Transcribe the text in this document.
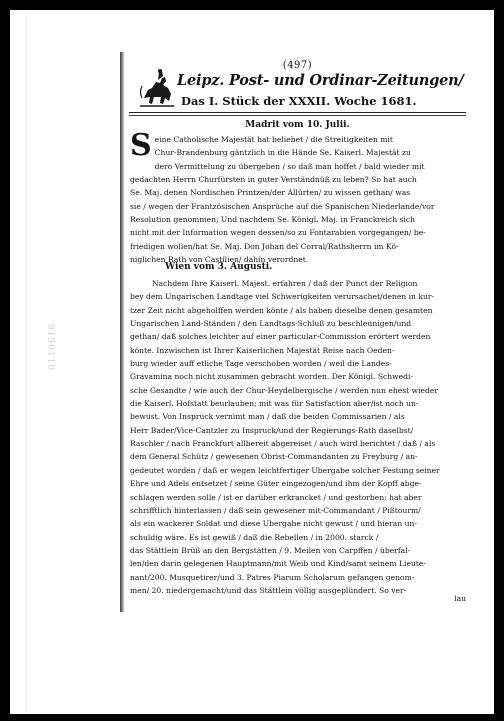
0119616
(497)
Leipz. Post- und Ordinar-Zeitungen/
Das I. Stück der XXXII. Woche 1681.
Madrit vom 10. Julii.
S eine Catholische Majestät hat beliebet / die Streitigkeiten mit
Chur-Brandenburg gäntzlich in die Hände Se. Kaiserl. Majestät zu
dero Vermittelung zu übergeben / so daß man hoffet / bald wieder mit
gedachten Herrn Churfürsten in guter Verständnüß zu leben? So hat auch
Se. Maj. denen Nordischen Printzen/der Allürten/ zu wissen gethan/ was
sie / wegen der Frantzösischen Ansprüche auf die Spanischen Niederlande/vor
Resolution genommen; Und nachdem Se. Königl. Maj. in Franckreich sich
nicht mit der Information wegen dessen/so zu Fontarabien vorgegangen/ be-
friedigen wollen/hat Se. Maj. Don Johan del Corral/Rathsherrn im Kö-
niglichen Rath von Castilien/ dahin verordnet.
Wien vom 3. Augusti.
Nachdem Ihre Kaiserl. Majest. erfahren / daß der Punct der Religion
bey dem Ungarischen Landtage viel Schwerigkeiten verursachet/denen in kur-
tzer Zeit nicht abgeholffen werden könte / als haben dieselbe denen gesamten
Ungarischen Land-Ständen / den Landtags-Schluß zu beschleunigen/und
gethan/ daß solches leichter auf einer particular-Commission erörtert werden
könte. Inzwischen ist Ihrer Kaiserlichen Majestät Reise nach Oeden-
burg wieder auff etliche Tage verschoben worden / weil die Landes-
Gravamina noch nicht zusammen gebracht worden. Der Königl. Schwedi-
sche Gesandte / wie auch der Chur-Heydelbergische / werden nun ehest wieder
die Kaiserl. Hofstatt beurlauben; mit was für Satisfaction aber/ist noch un-
bewust. Von Inspruck vernimt man / daß die beiden Commissarien / als
Herr Bader/Vice-Cantzler zu Inspruck/und der Regierungs-Rath daselbst/
Raschler / nach Franckfurt allbereit abgereiset / auch wird berichtet / daß / als
dem General Schütz / gewesenen Obrist-Commandanten zu Freyburg / an-
gedeutet worden / daß er wegen leichtfertiger Ubergabe solcher Festung seiner
Ehre und Adels entsetzet / seine Güter eingezogen/und ihm der Kopff abge-
schlagen werden solle / ist er darüber erkrancket / und gestorben; hat aber
schrifftlich hinterlassen / daß sein gewesener mit-Commandant / Pißtourm/
als ein wackerer Soldat und diese Ubergabe nicht gewust / und hieran un-
schuldig wäre. Es ist gewiß / daß die Rebellen / in 2000. starck /
das Stättlein Brüß an den Bergstätten / 9. Meilen von Carpffen / überfal-
len/den darin gelegenen Hauptmann/mit Weib und Kind/samt seinem Lieute-
nant/200. Musquetirer/und 3. Patres Piarum Scholarum gefangen genom-
men/ 20. niedergemacht/und das Stättlein völlig ausgeplündert. So ver-
lau
